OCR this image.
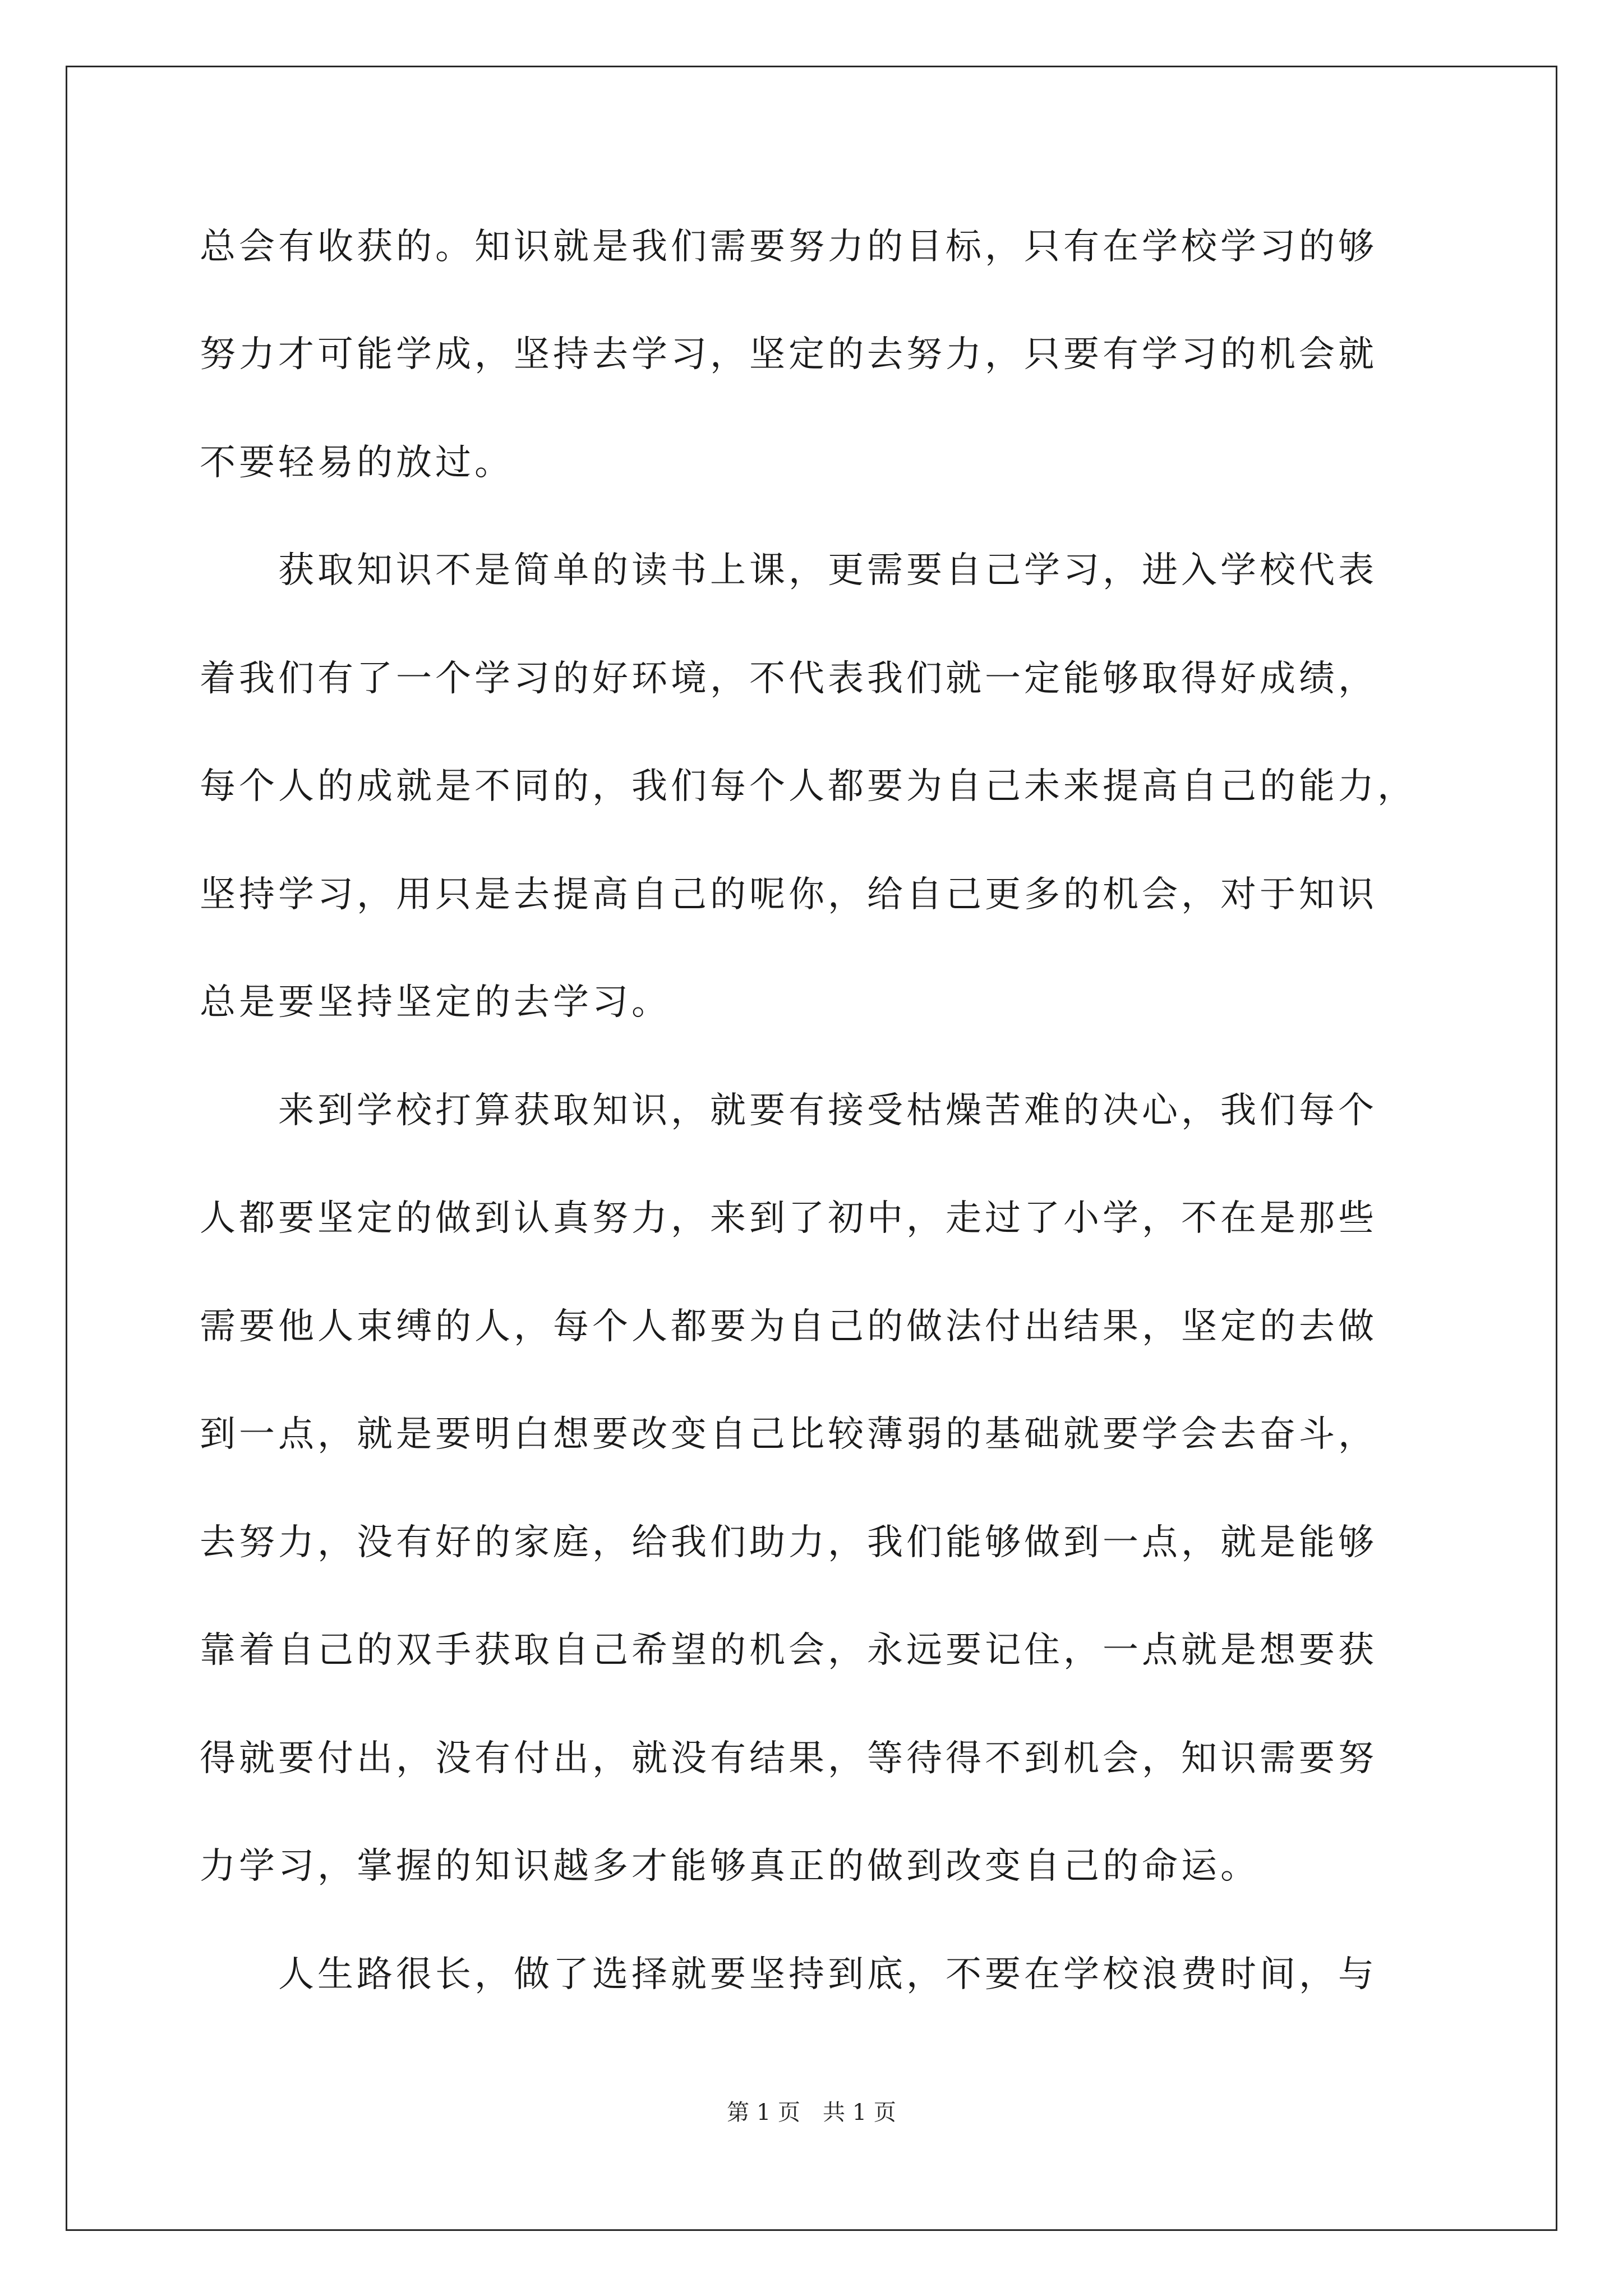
总会有收获的。知识就是我们需要努力的目标，只有在学校学习的够
努力才可能学成，坚持去学习，坚定的去努力，只要有学习的机会就
不要轻易的放过。
　　获取知识不是简单的读书上课，更需要自己学习，进入学校代表
着我们有了一个学习的好环境，不代表我们就一定能够取得好成绩，
每个人的成就是不同的，我们每个人都要为自己未来提高自己的能力，
坚持学习，用只是去提高自己的呢你，给自己更多的机会，对于知识
总是要坚持坚定的去学习。
　　来到学校打算获取知识，就要有接受枯燥苦难的决心，我们每个
人都要坚定的做到认真努力，来到了初中，走过了小学，不在是那些
需要他人束缚的人，每个人都要为自己的做法付出结果，坚定的去做
到一点，就是要明白想要改变自己比较薄弱的基础就要学会去奋斗，
去努力，没有好的家庭，给我们助力，我们能够做到一点，就是能够
靠着自己的双手获取自己希望的机会，永远要记住，一点就是想要获
得就要付出，没有付出，就没有结果，等待得不到机会，知识需要努
力学习，掌握的知识越多才能够真正的做到改变自己的命运。
　　人生路很长，做了选择就要坚持到底，不要在学校浪费时间，与
第 1 页　共 1 页
